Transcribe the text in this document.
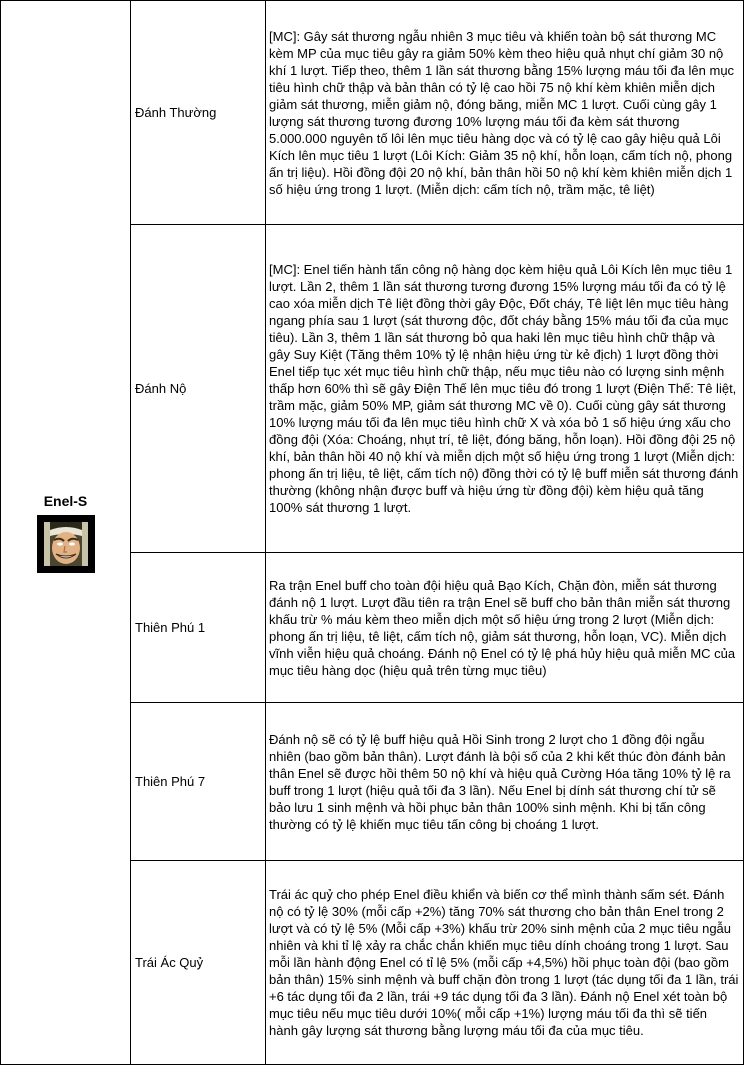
Enel-S	Đánh Thường	[MC]: Gây sát thương ngẫu nhiên 3 mục tiêu và khiến toàn bộ sát thương MC kèm MP của mục tiêu gây ra giảm 50% kèm theo hiệu quả nhụt chí giảm 30 nộ khí 1 lượt. Tiếp theo, thêm 1 lần sát thương bằng 15% lượng máu tối đa lên mục tiêu hình chữ thập và bản thân có tỷ lệ cao hồi 75 nộ khí kèm khiên miễn dịch giảm sát thương, miễn giảm nộ, đóng băng, miễn MC 1 lượt. Cuối cùng gây 1 lượng sát thương tương đương 10% lượng máu tối đa kèm sát thương 5.000.000 nguyên tố lôi lên mục tiêu hàng dọc và có tỷ lệ cao gây hiệu quả Lôi Kích lên mục tiêu 1 lượt (Lôi Kích: Giảm 35 nộ khí, hỗn loạn, cấm tích nộ, phong ấn trị liệu). Hồi đồng đội 20 nộ khí, bản thân hồi 50 nộ khí kèm khiên miễn dịch 1 số hiệu ứng trong 1 lượt. (Miễn dịch: cấm tích nộ, trầm mặc, tê liệt)

	Đánh Nộ	[MC]: Enel tiến hành tấn công nộ hàng dọc kèm hiệu quả Lôi Kích lên mục tiêu 1 lượt. Lần 2, thêm 1 lần sát thương tương đương 15% lượng máu tối đa có tỷ lệ cao xóa miễn dịch Tê liệt đồng thời gây Độc, Đốt cháy, Tê liệt lên mục tiêu hàng ngang phía sau 1 lượt (sát thương độc, đốt cháy bằng 15% máu tối đa của mục tiêu). Lần 3, thêm 1 lần sát thương bỏ qua haki lên mục tiêu hình chữ thập và gây Suy Kiệt (Tăng thêm 10% tỷ lệ nhận hiệu ứng từ kẻ địch) 1 lượt đồng thời Enel tiếp tục xét mục tiêu hình chữ thập, nếu mục tiêu nào có lượng sinh mệnh thấp hơn 60% thì sẽ gây Điện Thế lên mục tiêu đó trong 1 lượt (Điện Thế: Tê liệt, trầm mặc, giảm 50% MP, giảm sát thương MC về 0). Cuối cùng gây sát thương 10% lượng máu tối đa lên mục tiêu hình chữ X và xóa bỏ 1 số hiệu ứng xấu cho đồng đội (Xóa: Choáng, nhụt trí, tê liệt, đóng băng, hỗn loạn). Hồi đồng đội 25 nộ khí, bản thân hồi 40 nộ khí và miễn dịch một số hiệu ứng trong 1 lượt (Miễn dịch: phong ấn trị liệu, tê liệt, cấm tích nộ) đồng thời có tỷ lệ buff miễn sát thương đánh thường (không nhận được buff và hiệu ứng từ đồng đội) kèm hiệu quả tăng 100% sát thương 1 lượt.

	Thiên Phú 1	Ra trận Enel buff cho toàn đội hiệu quả Bạo Kích, Chặn đòn, miễn sát thương đánh nộ 1 lượt. Lượt đầu tiên ra trận Enel sẽ buff cho bản thân miễn sát thương khấu trừ % máu kèm theo miễn dịch một số hiệu ứng trong 2 lượt (Miễn dịch: phong ấn trị liệu, tê liệt, cấm tích nộ, giảm sát thương, hỗn loạn, VC). Miễn dịch vĩnh viễn hiệu quả choáng. Đánh nộ Enel có tỷ lệ phá hủy hiệu quả miễn MC của mục tiêu hàng dọc (hiệu quả trên từng mục tiêu)

	Thiên Phú 7	Đánh nộ sẽ có tỷ lệ buff hiệu quả Hồi Sinh trong 2 lượt cho 1 đồng đội ngẫu nhiên (bao gồm bản thân). Lượt đánh là bội số của 2 khi kết thúc đòn đánh bản thân Enel sẽ được hồi thêm 50 nộ khí và hiệu quả Cường Hóa tăng 10% tỷ lệ ra buff trong 1 lượt (hiệu quả tối đa 3 lần). Nếu Enel bị dính sát thương chí tử sẽ bảo lưu 1 sinh mệnh và hồi phục bản thân 100% sinh mệnh. Khi bị tấn công thường có tỷ lệ khiến mục tiêu tấn công bị choáng 1 lượt.

	Trái Ác Quỷ	Trái ác quỷ cho phép Enel điều khiển và biến cơ thể mình thành sấm sét. Đánh nộ có tỷ lệ 30% (mỗi cấp +2%) tăng 70% sát thương cho bản thân Enel trong 2 lượt và có tỷ lệ 5% (Mỗi cấp +3%) khấu trừ 20% sinh mệnh của 2 mục tiêu ngẫu nhiên và khi tỉ lệ xảy ra chắc chắn khiến mục tiêu dính choáng trong 1 lượt. Sau mỗi lần hành động Enel có tỉ lệ 5% (mỗi cấp +4,5%) hồi phục toàn đội (bao gồm bản thân) 15% sinh mệnh và buff chặn đòn trong 1 lượt (tác dụng tối đa 1 lần, trái +6 tác dụng tối đa 2 lần, trái +9 tác dụng tối đa 3 lần). Đánh nộ Enel xét toàn bộ mục tiêu nếu mục tiêu dưới 10%( mỗi cấp +1%) lượng máu tối đa thì sẽ tiến hành gây lượng sát thương bằng lượng máu tối đa của mục tiêu.
